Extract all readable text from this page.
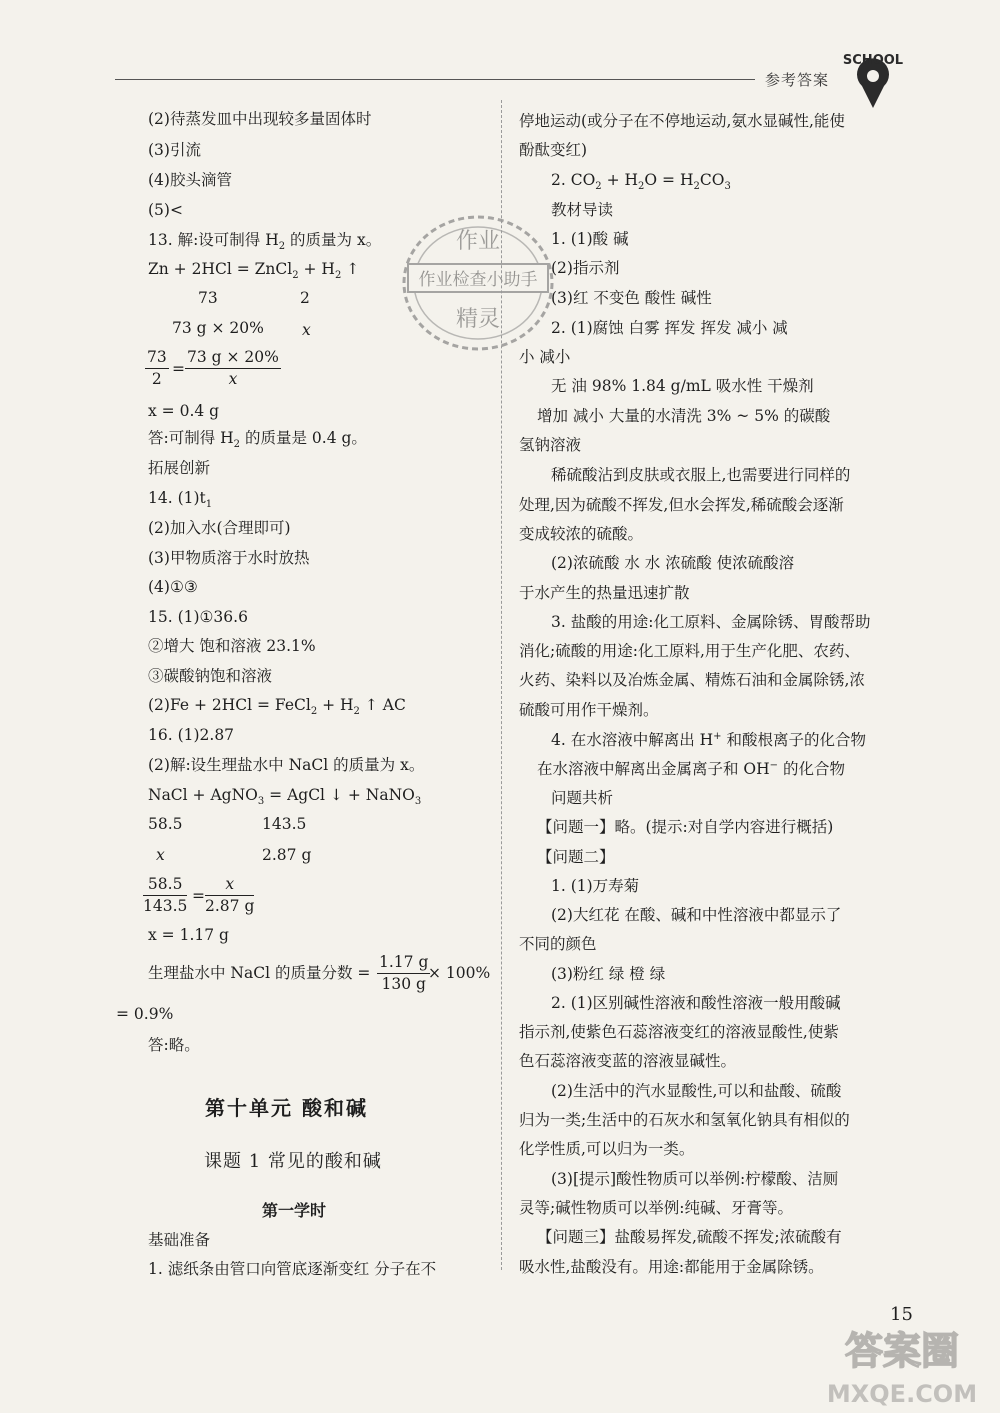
参考答案
SCHOOL
作业
作业检查小助手
精灵
(2)待蒸发皿中出现较多量固体时
(3)引流
(4)胶头滴管
(5)<
13. 解:设可制得 $H_2$ 的质量为 x。
Zn + 2HCl = ZnCl$_2$ + $H_2$ ↑
73	2
73 g × 20% x
$\frac{73}{2} = \frac{73 g \times 20\%}{x}$
x = 0.4 g
答:可制得 $H_2$ 的质量是 0.4 g。
拓展创新
14. $(1)t_1$
(2)加入水(合理即可)
(3)甲物质溶于水时放热
(4)①③
15. (1)①36.6
②增大 饱和溶液 23.1%
③碳酸钠饱和溶液
(2)Fe + 2HCl = FeCl$_2$ + $H_2$ ↑ AC
16. (1)2.87
(2)解:设生理盐水中 NaCl 的质量为 x。
NaCl + AgNO$_3$ = AgCl ↓ + NaNO$_3$
58.5	143.5
x	2.87 g
$\frac{58.5}{143.5} = \frac{x}{2.87 g}$
x = 1.17 g
生理盐水中 NaCl 的质量分数 = $\frac{1.17 g}{130 g}$
× 100%
= 0.9%
答:略。
第十单元 酸和碱
课题 1 常见的酸和碱
第一学时
基础准备
1. 滤纸条由管口向管底逐渐变红 分子在不
停地运动(或分子在不停地运动,氨水显碱性,能使
酚酞变红)
2. $CO_2 + H_2O = H_2CO_3$
教材导读
1. (1)酸 碱
(2)指示剂
(3)红 不变色 酸性 碱性
2. (1)腐蚀 白雾 挥发 挥发 减小 减
小 减小
无 油 98% 1.84 g/mL 吸水性 干燥剂
增加 减小 大量的水清洗 3% ~ 5% 的碳酸
氢钠溶液
稀硫酸沾到皮肤或衣服上,也需要进行同样的
处理,因为硫酸不挥发,但水会挥发,稀硫酸会逐渐
变成较浓的硫酸。
(2)浓硫酸 水 水 浓硫酸 使浓硫酸溶
于水产生的热量迅速扩散
3. 盐酸的用途:化工原料、金属除锈、胃酸帮助
消化;硫酸的用途:化工原料,用于生产化肥、农药、
火药、染料以及冶炼金属、精炼石油和金属除锈,浓
硫酸可用作干燥剂。
4. 在水溶液中解离出 H+ 和酸根离子的化合物
在水溶液中解离出金属离子和 OH− 的化合物
问题共析
【问题一】略。(提示:对自学内容进行概括)
【问题二】
1. (1)万寿菊
(2)大红花 在酸、碱和中性溶液中都显示了
不同的颜色
(3)粉红 绿 橙 绿
2. (1)区别碱性溶液和酸性溶液一般用酸碱
指示剂,使紫色石蕊溶液变红的溶液显酸性,使紫
色石蕊溶液变蓝的溶液显碱性。
(2)生活中的汽水显酸性,可以和盐酸、硫酸
归为一类;生活中的石灰水和氢氧化钠具有相似的
化学性质,可以归为一类。
(3)[提示]酸性物质可以举例:柠檬酸、洁厕
灵等;碱性物质可以举例:纯碱、牙膏等。
【问题三】盐酸易挥发,硫酸不挥发;浓硫酸有
吸水性,盐酸没有。用途:都能用于金属除锈。
15
答案圈
MXQE.COM
